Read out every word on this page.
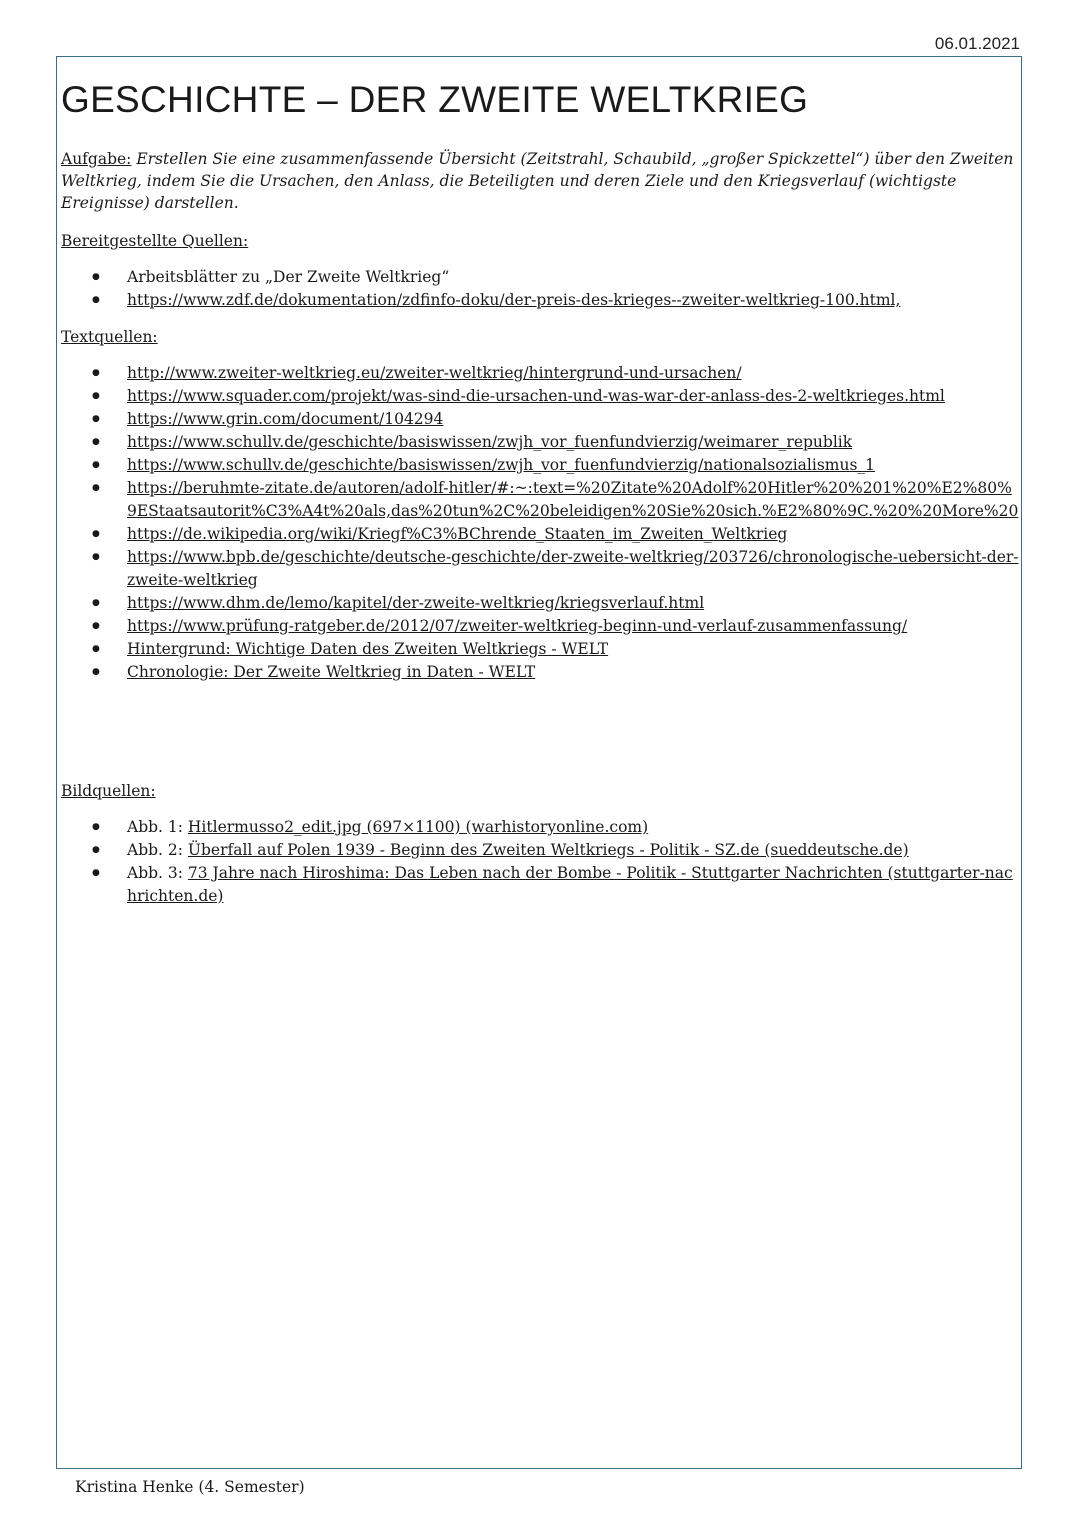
06.01.2021
GESCHICHTE – DER ZWEITE WELTKRIEG

Aufgabe: Erstellen Sie eine zusammenfassende Übersicht (Zeitstrahl, Schaubild, „großer Spickzettel“) über den Zweiten Weltkrieg, indem Sie die Ursachen, den Anlass, die Beteiligten und deren Ziele und den Kriegsverlauf (wichtigste Ereignisse) darstellen.

Bereitgestellte Quellen:
● Arbeitsblätter zu „Der Zweite Weltkrieg“
● https://www.zdf.de/dokumentation/zdfinfo-doku/der-preis-des-krieges--zweiter-weltkrieg-100.html,
Textquellen:
● http://www.zweiter-weltkrieg.eu/zweiter-weltkrieg/hintergrund-und-ursachen/
● https://www.squader.com/projekt/was-sind-die-ursachen-und-was-war-der-anlass-des-2-weltkrieges.html
● https://www.grin.com/document/104294
● https://www.schullv.de/geschichte/basiswissen/zwjh_vor_fuenfundvierzig/weimarer_republik
● https://www.schullv.de/geschichte/basiswissen/zwjh_vor_fuenfundvierzig/nationalsozialismus_1
● https://beruhmte-zitate.de/autoren/adolf-hitler/#:~:text=%20Zitate%20Adolf%20Hitler%20%201%20%E2%80%9EStaatsautorit%C3%A4t%20als,das%20tun%2C%20beleidigen%20Sie%20sich.%E2%80%9C.%20%20More%20
● https://de.wikipedia.org/wiki/Kriegf%C3%BChrende_Staaten_im_Zweiten_Weltkrieg
● https://www.bpb.de/geschichte/deutsche-geschichte/der-zweite-weltkrieg/203726/chronologische-uebersicht-der-zweite-weltkrieg
● https://www.dhm.de/lemo/kapitel/der-zweite-weltkrieg/kriegsverlauf.html
● https://www.prüfung-ratgeber.de/2012/07/zweiter-weltkrieg-beginn-und-verlauf-zusammenfassung/
● Hintergrund: Wichtige Daten des Zweiten Weltkriegs - WELT
● Chronologie: Der Zweite Weltkrieg in Daten - WELT
Bildquellen:
● Abb. 1: Hitlermusso2_edit.jpg (697×1100) (warhistoryonline.com)
● Abb. 2: Überfall auf Polen 1939 - Beginn des Zweiten Weltkriegs - Politik - SZ.de (sueddeutsche.de)
● Abb. 3: 73 Jahre nach Hiroshima: Das Leben nach der Bombe - Politik - Stuttgarter Nachrichten (stuttgarter-nachrichten.de)
Kristina Henke (4. Semester)
